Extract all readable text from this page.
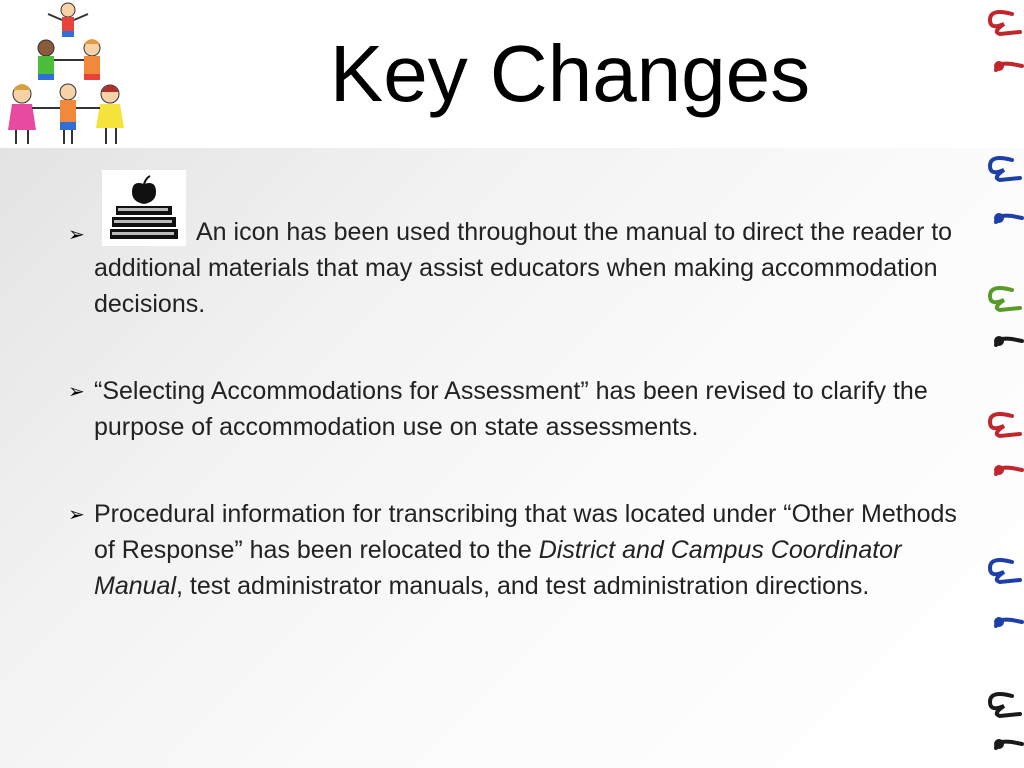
Key Changes
➢	An icon has been used throughout the manual to direct the reader to additional materials that may assist educators when making accommodation decisions.
➢ “Selecting Accommodations for Assessment” has been revised to clarify the purpose of accommodation use on state assessments.
➢ Procedural information for transcribing that was located under “Other Methods of Response” has been relocated to the District and Campus Coordinator Manual, test administrator manuals, and test administration directions.
